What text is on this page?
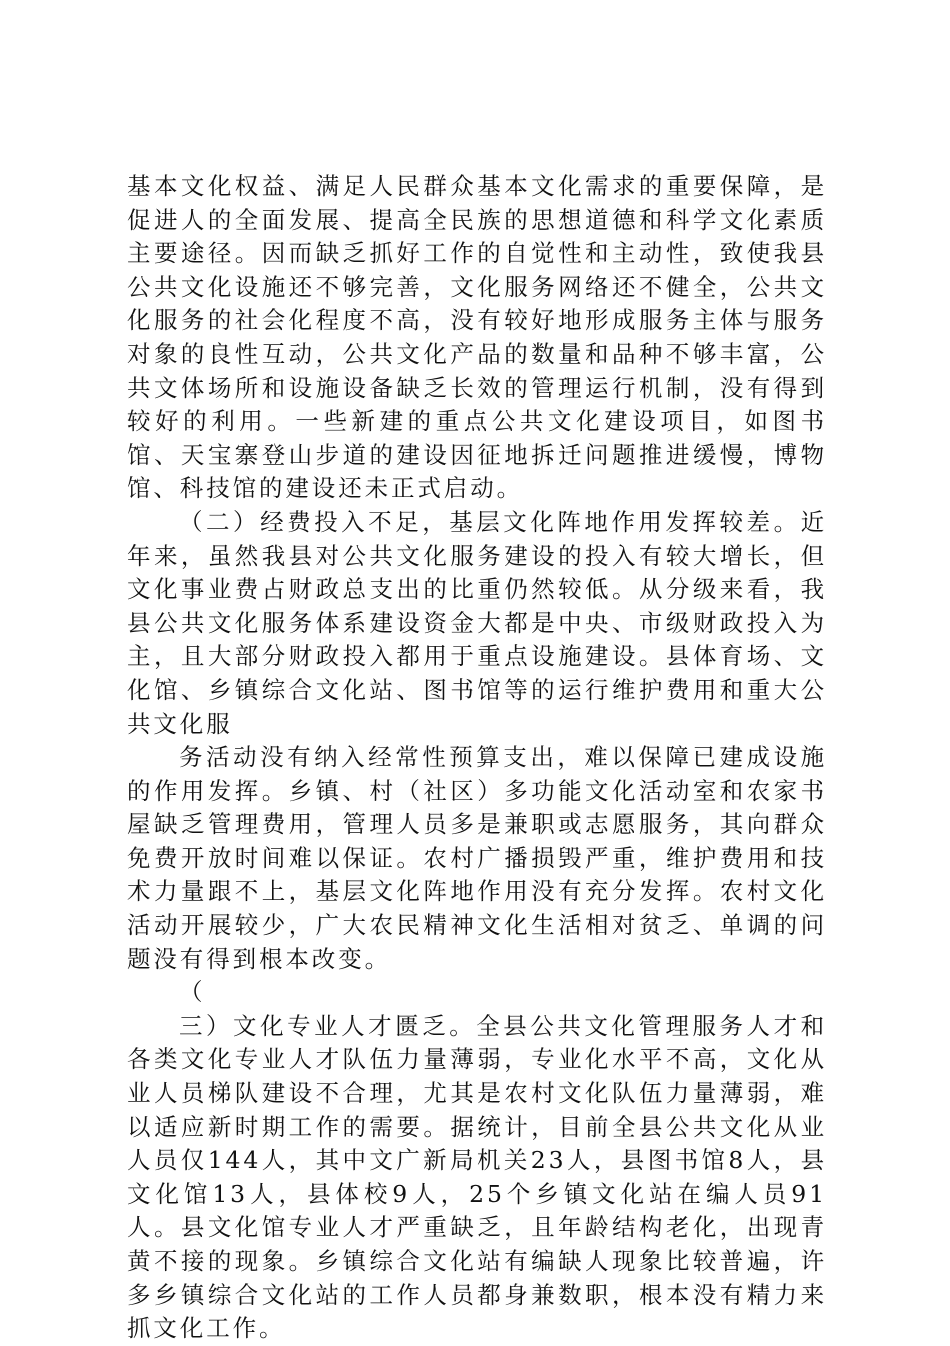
基本文化权益、满足人民群众基本文化需求的重要保障，是促进人的全面发展、提高全民族的思想道德和科学文化素质主要途径。因而缺乏抓好工作的自觉性和主动性，致使我县公共文化设施还不够完善，文化服务网络还不健全，公共文化服务的社会化程度不高，没有较好地形成服务主体与服务对象的良性互动，公共文化产品的数量和品种不够丰富，公共文体场所和设施设备缺乏长效的管理运行机制，没有得到较好的利用。一些新建的重点公共文化建设项目，如图书馆、天宝寨登山步道的建设因征地拆迁问题推进缓慢，博物馆、科技馆的建设还未正式启动。

（二）经费投入不足，基层文化阵地作用发挥较差。近年来，虽然我县对公共文化服务建设的投入有较大增长，但文化事业费占财政总支出的比重仍然较低。从分级来看，我县公共文化服务体系建设资金大都是中央、市级财政投入为主，且大部分财政投入都用于重点设施建设。县体育场、文化馆、乡镇综合文化站、图书馆等的运行维护费用和重大公共文化服

务活动没有纳入经常性预算支出，难以保障已建成设施的作用发挥。乡镇、村（社区）多功能文化活动室和农家书屋缺乏管理费用，管理人员多是兼职或志愿服务，其向群众免费开放时间难以保证。农村广播损毁严重，维护费用和技术力量跟不上，基层文化阵地作用没有充分发挥。农村文化活动开展较少，广大农民精神文化生活相对贫乏、单调的问题没有得到根本改变。

（

三）文化专业人才匮乏。全县公共文化管理服务人才和各类文化专业人才队伍力量薄弱，专业化水平不高，文化从业人员梯队建设不合理，尤其是农村文化队伍力量薄弱，难以适应新时期工作的需要。据统计，目前全县公共文化从业人员仅144人，其中文广新局机关23人，县图书馆8人，县文化馆13人，县体校9人，25个乡镇文化站在编人员91人。县文化馆专业人才严重缺乏，且年龄结构老化，出现青黄不接的现象。乡镇综合文化站有编缺人现象比较普遍，许多乡镇综合文化站的工作人员都身兼数职，根本没有精力来抓文化工作。
